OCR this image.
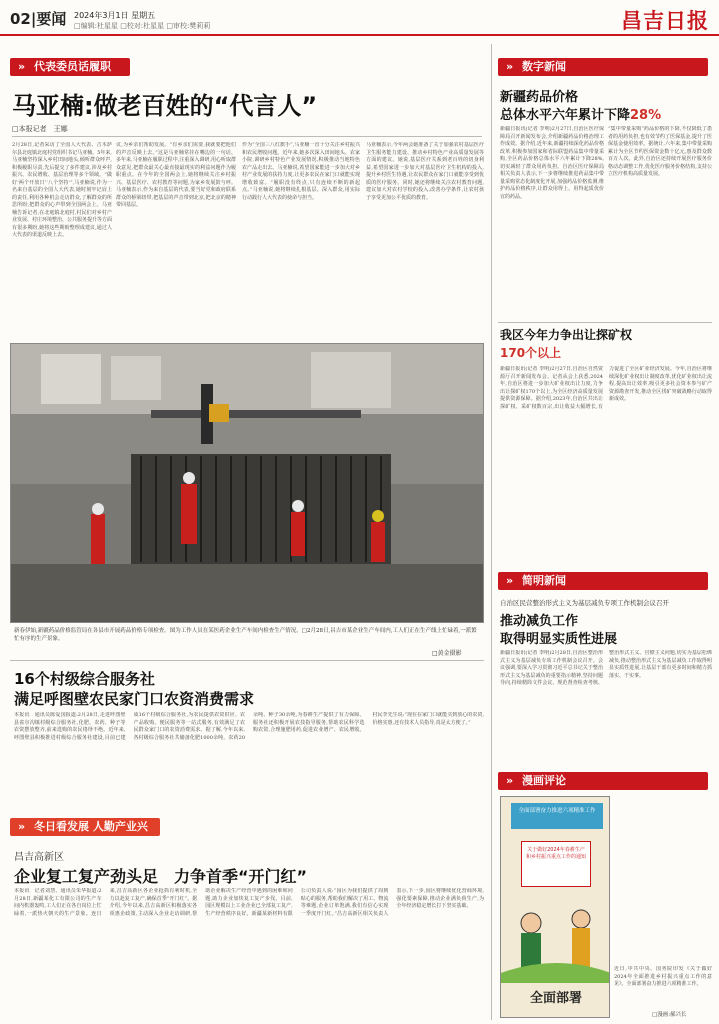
02|要闻 2024年3月1日 星期五
□编辑:杜星星 □校对:杜星星 □审校:樊莉莉	昌吉日报
» 代表委员话履职
马亚楠:做老百姓的“代言人”
□本报记者　王娜
2月28日,记者采访了全国人大代表、吉木萨尔县北庭镇北庭村党组织书记马亚楠。5年来,马亚楠坚持深入乡村田间地头,倾听群众呼声,积极履职尽责,先后提交了多件建议,涉及乡村振兴、农民增收、基层治理等多个领域。“做好‘两个开放日’‘八个坚持’”,马亚楠说,作为一名来自基层的全国人大代表,她时刻牢记肩上的责任,利用各种机会走访群众,了解群众的所思所盼,把群众的心声带到全国两会上。马亚楠告诉记者,在北庭镇北庭村,村民们对乡村产业发展、村庄环境整治、公共服务提升等方面有很多期盼,她将这些期盼整理成建议,通过人大代表的渠道反映上去。
议,为乡亲们帮助发展。“有乡亲们需要,我就要把他们的声音反映上去。”这是马亚楠常挂在嘴边的一句话。多年来,马亚楠在履职过程中,注重深入调研,用心听取群众意见,把群众最关心最直接最现实的利益问题作为履职重点。在今年的全国两会上,她将继续关注乡村振兴、基层医疗、农村教育等问题,为家乡发展鼓与呼。马亚楠表示,作为来自基层的代表,要当好党和政府联系群众的桥梁纽带,把基层的声音带到北京,把北京的精神带回基层。
作为“全国三八红旗手”,马亚楠一直十分关注乡村振兴和农民增收问题。近年来,她多次深入田间地头、农家小院,调研乡村特色产业发展情况,积极推动当地特色农产品走出去。马亚楠说,希望国家能进一步加大对乡村产业发展的扶持力度,让更多农民在家门口就能实现增收致富。“履职没有终点,只有连续不断的新起点。”马亚楠说,她将继续扎根基层、深入群众,用实际行动践行人大代表的使命与担当。
马亚楠表示,今年两会她准备了关于加强农村基层医疗卫生服务能力建设、推动乡村特色产业高质量发展等方面的建议。她说,基层医疗关系到老百姓的切身利益,希望国家进一步加大对基层医疗卫生机构的投入,提升乡村医生待遇,让农民群众在家门口就能享受到优质的医疗服务。同时,她还将继续关注农村教育问题,建议加大对农村学校的投入,改善办学条件,让农村孩子享受更加公平优质的教育。
新春伊始,新疆药品价格监管局在各县市开展药品价格专项检查。图为工作人员在某医药企业生产车间内检查生产情况。□2月28日,昌吉市某企业生产车间内,工人们正在生产线上忙碌着,一派繁忙有序的生产景象。
□黄金摄影
16个村级综合服务社
满足呼图壁农民家门口农资消费需求
本报讯　通讯员陈爱国报道:2月28日,走进呼图壁县雀尔沟镇村级综合服务社,化肥、农药、种子等农资摆放整齐,前来选购的农民络绎不绝。近年来,呼图壁县积极推进村级综合服务社建设,目前已建成16个村级综合服务社,为农民提供农资供应、农产品收购、便民服务等一站式服务,有效满足了农民群众家门口的农资消费需求。据了解,今年以来,各村级综合服务社共储备化肥1000余吨、农药20余吨、种子30余吨,为春耕生产提供了有力保障。服务社还积极开展农技指导服务,帮助农民科学选购农资,合理施肥用药,促进农业增产、农民增收。村民李先生说:“现在在家门口就能买到放心的农资,价格实惠,还有技术人员指导,真是太方便了。”
» 冬日看发展 人勤产业兴
昌吉高新区
企业复工复产劲头足　力争首季“开门红”
本报讯　记者刘慧、通讯员朱华报道:2月28日,新疆某化工有限公司的生产车间内机器轰鸣,工人们正在各自岗位上忙碌着,一派热火朝天的生产景象。连日来,昌吉高新区各企业抢抓有利时机,全力以赴复工复产,确保首季“开门红”。据介绍,今年以来,昌吉高新区积极落实各项惠企政策,主动深入企业走访调研,帮助企业解决生产经营中遇到的困难和问题,助力企业加快复工复产步伐。目前,园区规模以上工业企业已全部复工复产,生产经营秩序良好。新疆某新材料有限公司负责人说:“园区为我们提供了周到贴心的服务,帮助我们解决了用工、物流等难题,企业订单饱满,我们有信心实现一季度开门红。”昌吉高新区相关负责人表示,下一步,园区将继续优化营商环境,强化要素保障,推动企业满负荷生产,为全年经济稳定增长打下坚实基础。
» 数字新闻
新疆药品价格
总体水平六年累计下降28%
新疆日报讯(记者 李明)2月27日,自治区医疗保障局召开新闻发布会,介绍新疆药品价格治理工作成效。据介绍,近年来,新疆持续深化药品价格改革,积极参加国家和省际联盟药品集中带量采购,全区药品价格总体水平六年累计下降28%,切实减轻了群众用药负担。自治区医疗保障局相关负责人表示,下一步将继续推进药品集中带量采购常态化制度化开展,加强药品价格监测,维护药品价格秩序,让群众用得上、用得起质优价宜的药品。
“集中带量采购”药品价格的下降,不仅降低了患者的用药负担,也有效节约了医保基金,提升了医保基金使用效率。据统计,六年来,集中带量采购累计为全区节约医保资金数十亿元,惠及群众数百万人次。此外,自治区还持续开展医疗服务价格动态调整工作,优化医疗服务价格结构,支持公立医疗机构高质量发展。
我区今年力争出让探矿权
170个以上
新疆日报讯(记者 李明)2月27日,自治区自然资源厅召开新闻发布会。记者从会上获悉,2024年,自治区将进一步加大矿业权出让力度,力争出让探矿权170个以上,为全区经济高质量发展提供资源保障。据介绍,2023年,自治区共出让探矿权、采矿权数百宗,出让收益大幅增长,有力促进了全区矿业经济发展。今年,自治区将继续深化矿业权出让制度改革,优化矿业权出让流程,提高出让效率,吸引更多社会资本参与矿产资源勘查开发,推动全区找矿突破战略行动取得新成效。
» 简明新闻
自治区民营整治形式主义为基层减负专项工作机制会议召开
推动减负工作
取得明显实质性进展
新疆日报讯(记者 李明)2月28日,自治区整治形式主义为基层减负专项工作机制会议召开。会议强调,要深入学习贯彻习近平总书记关于整治形式主义为基层减负的重要指示精神,坚持问题导向,持续精简文件会议、规范督查检查考核、整治形式主义、官僚主义问题,切实为基层松绑减负,推动整治形式主义为基层减负工作取得明显实质性进展,让基层干部有更多时间和精力抓落实、干实事。
» 漫画评论
全面部署奋力推进六项精准工作
关于做好2024年春耕生产和乡村振兴重点工作的通知
全面部署
近日,中共中央、国务院印发《关于做好2024年全面推进乡村振兴重点工作的意见》。全面部署奋力推进六项精准工作。
□漫画:郝兴长
